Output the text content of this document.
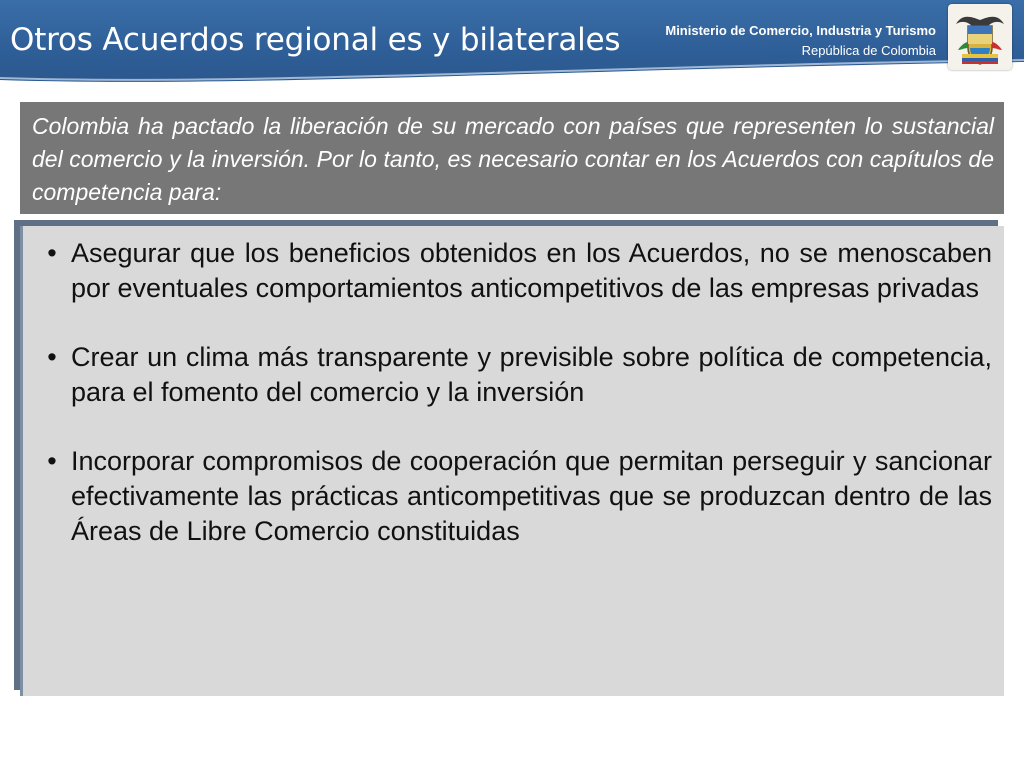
Otros Acuerdos regional es y bilaterales	Ministerio de Comercio, Industria y Turismo
República de Colombia
Colombia ha pactado la liberación de su mercado con países que representen lo sustancial del comercio y la inversión. Por lo tanto, es necesario contar en los Acuerdos con capítulos de competencia para:
• Asegurar que los beneficios obtenidos en los Acuerdos, no se menoscaben por eventuales comportamientos anticompetitivos de las empresas privadas
• Crear un clima más transparente y previsible sobre política de competencia, para el fomento del comercio y la inversión
• Incorporar compromisos de cooperación que permitan perseguir y sancionar efectivamente las prácticas anticompetitivas que se produzcan dentro de las Áreas de Libre Comercio constituidas
